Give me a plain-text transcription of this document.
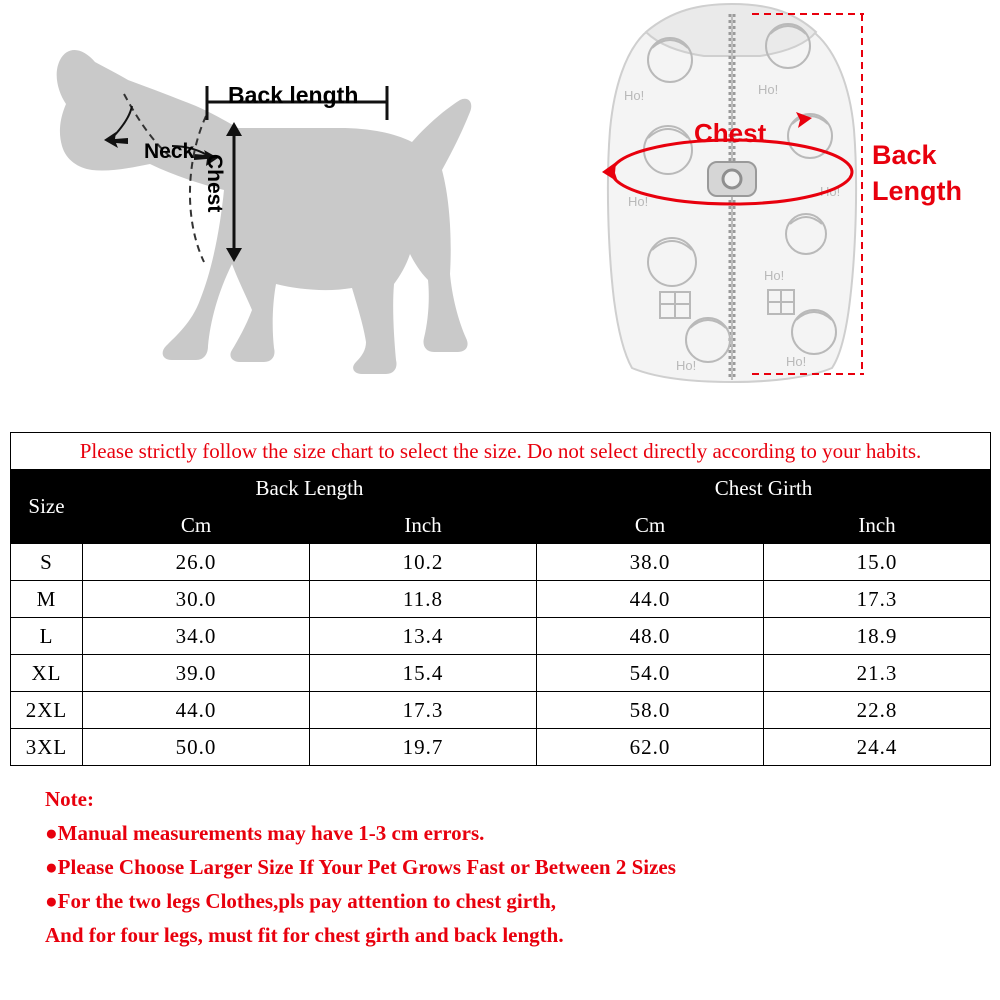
Back length
Neck
Chest
Ho!	Ho!
Ho!
Ho!
Ho!
Ho!	Ho!
Chest
Back
Length
Please strictly follow the size chart to select the size. Do not select directly according to your habits.				
Size	Back Length		Chest Girth	
	Cm	Inch	Cm	Inch
S	26.0	10.2	38.0	15.0
M	30.0	11.8	44.0	17.3
L	34.0	13.4	48.0	18.9
XL	39.0	15.4	54.0	21.3
2XL	44.0	17.3	58.0	22.8
3XL	50.0	19.7	62.0	24.4
Note:
●Manual measurements may have 1-3 cm errors.
●Please Choose Larger Size If Your Pet Grows Fast or Between 2 Sizes
●For the two legs Clothes,pls pay attention to chest girth,
And for four legs, must fit for chest girth and back length.
